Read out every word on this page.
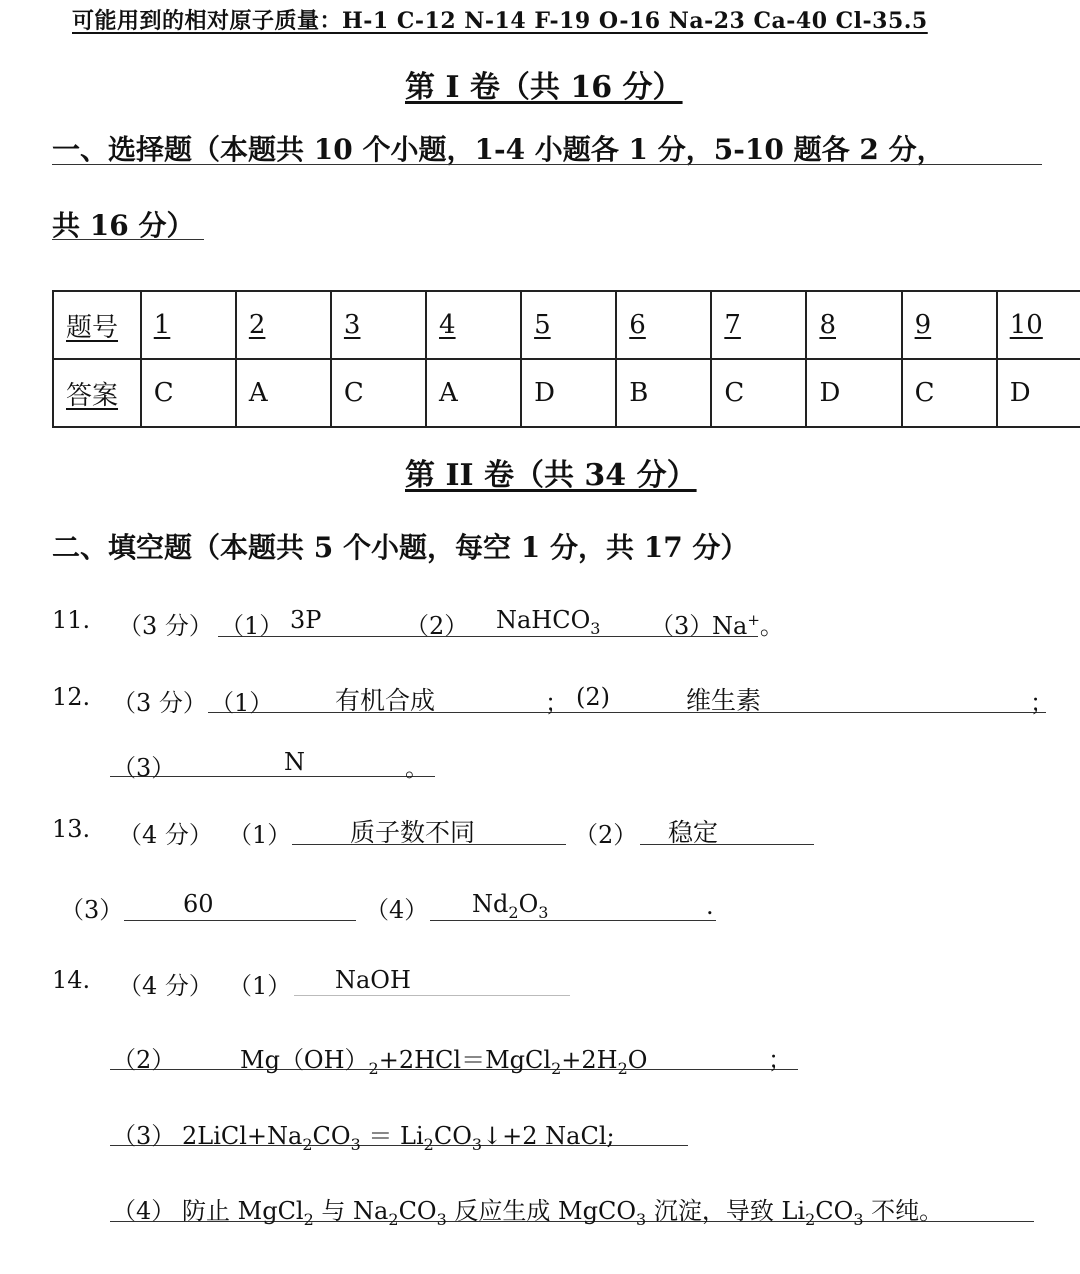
可能用到的相对原子质量：H-1 C-12 N-14 F-19 O-16 Na-23 Ca-40 Cl-35.5
第 I 卷（共 16 分）
一、选择题（本题共 10 个小题，1-4 小题各 1 分，5-10 题各 2 分，
共 16 分）
题号	1	2	3	4	5	6	7	8	9	10
答案	C	A	C	A	D	B	C	D	C	D
第 II 卷（共 34 分）
二、填空题（本题共 5 个小题，每空 1 分，共 17 分）
11. （3 分） （1） 3P	（2） NaHCO$_3$ （3）
Na+。
12. （3 分） （1） 有机合成	； (2)	维生素	；
（3）	N	。
13. （4 分） （1） 质子数不同	（2） 稳定
（3） 60	（4） $Nd_2O_3$	.
14. （4 分） （1） NaOH
（2）	$Mg(OH)_2+2HCl=MgCl_2+2H_2O$	；
（3） $2LiCl+Na_2CO_3$ ＝ $Li_2CO_3↓+2$ NaCl;
（4） 防止 MgCl$_2$ 与 $Na_2CO_3$ 反应生成 MgCO$_3$ 沉淀，导致 $Li_2CO_3$ 不纯。
